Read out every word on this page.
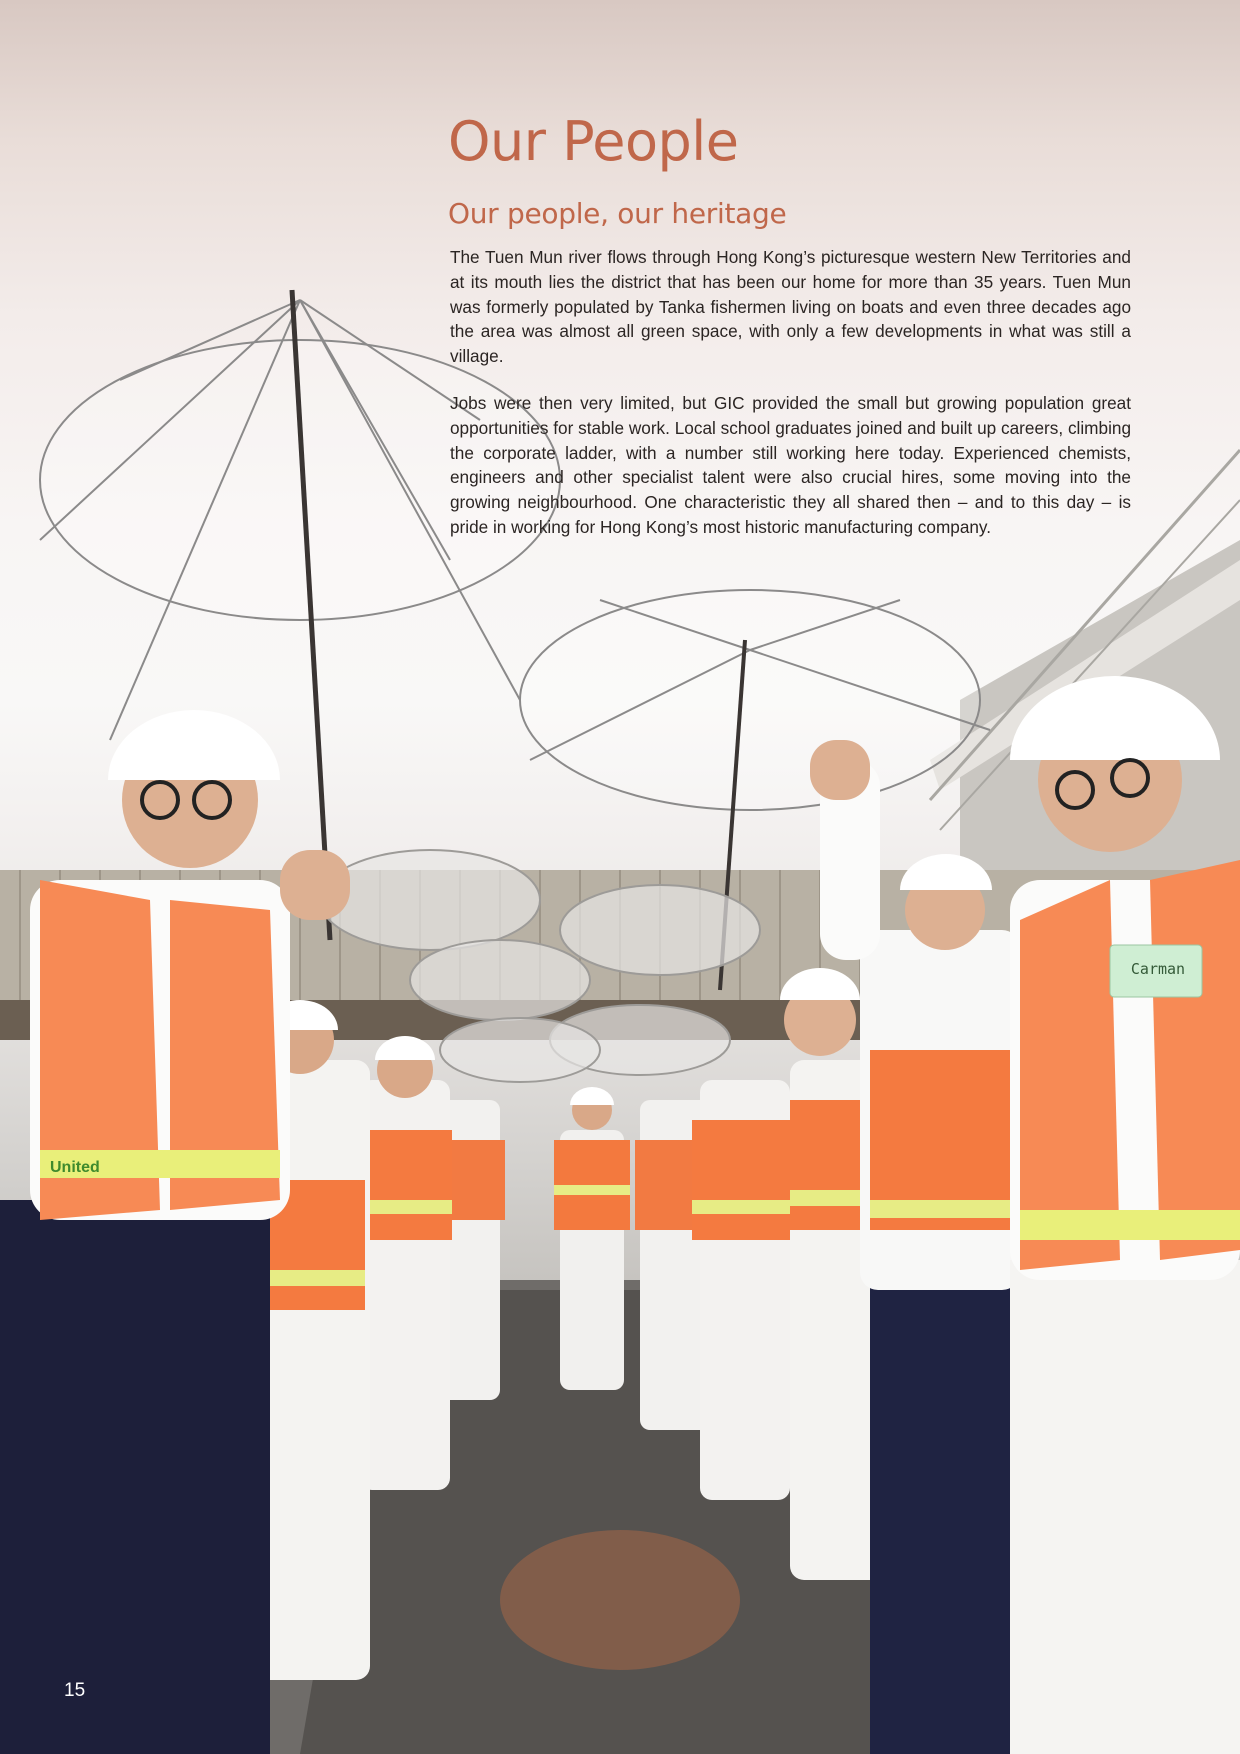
United
Carman
Our People
Our people, our heritage

The Tuen Mun river flows through Hong Kong’s picturesque western New Territories and at its mouth lies the district that has been our home for more than 35 years. Tuen Mun was formerly populated by Tanka fishermen living on boats and even three decades ago the area was almost all green space, with only a few developments in what was still a village.

Jobs were then very limited, but GIC provided the small but growing population great opportunities for stable work. Local school graduates joined and built up careers, climbing the corporate ladder, with a number still working here today. Experienced chemists, engineers and other specialist talent were also crucial hires, some moving into the growing neighbourhood. One characteristic they all shared then – and to this day – is pride in working for Hong Kong’s most historic manufacturing company.

15
